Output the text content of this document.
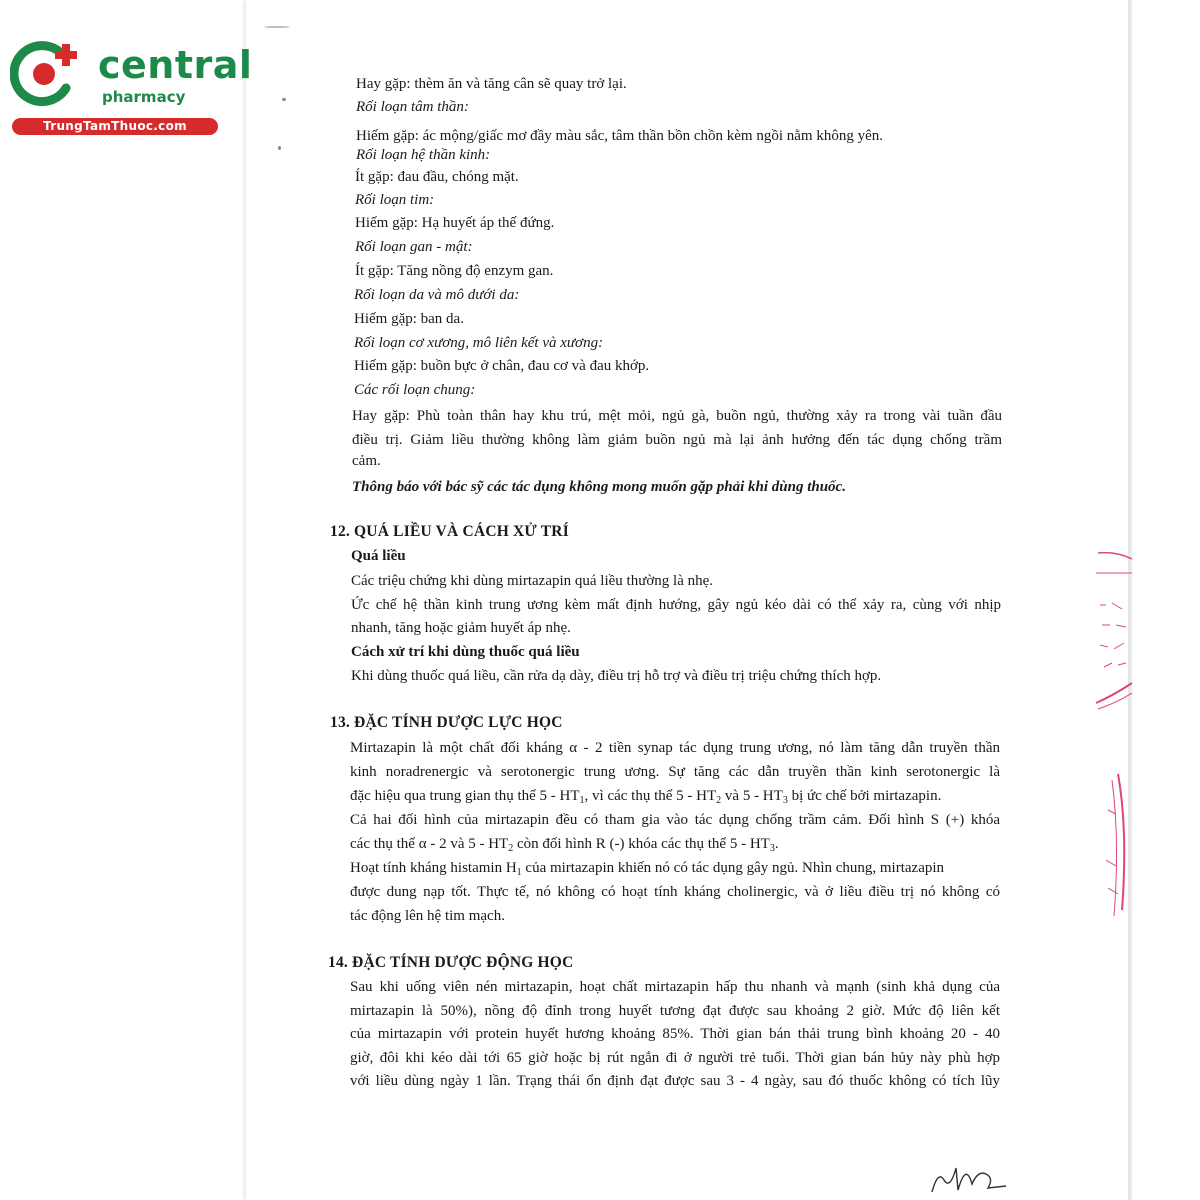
central
pharmacy
TrungTamThuoc.com
Hay gặp: thèm ăn và tăng cân sẽ quay trở lại.
Rối loạn tâm thần:
Hiếm gặp: ác mộng/giấc mơ đầy màu sắc, tâm thần bồn chồn kèm ngồi nằm không yên.
Rối loạn hệ thần kinh:
Ít gặp: đau đầu, chóng mặt.
Rối loạn tim:
Hiếm gặp: Hạ huyết áp thế đứng.
Rối loạn gan - mật:
Ít gặp: Tăng nồng độ enzym gan.
Rối loạn da và mô dưới da:
Hiếm gặp: ban da.
Rối loạn cơ xương, mô liên kết và xương:
Hiếm gặp: buồn bực ở chân, đau cơ và đau khớp.
Các rối loạn chung:
Hay gặp: Phù toàn thân hay khu trú, mệt mỏi, ngủ gà, buồn ngủ, thường xảy ra trong vài tuần đầu
điều trị. Giảm liều thường không làm giảm buồn ngủ mà lại ảnh hưởng đến tác dụng chống trầm
cảm.
Thông báo với bác sỹ các tác dụng không mong muốn gặp phải khi dùng thuốc.
12. QUÁ LIỀU VÀ CÁCH XỬ TRÍ
Quá liều
Các triệu chứng khi dùng mirtazapin quá liều thường là nhẹ.
Ức chế hệ thần kinh trung ương kèm mất định hướng, gây ngủ kéo dài có thể xảy ra, cùng với nhịp
nhanh, tăng hoặc giảm huyết áp nhẹ.
Cách xử trí khi dùng thuốc quá liều
Khi dùng thuốc quá liều, cần rửa dạ dày, điều trị hỗ trợ và điều trị triệu chứng thích hợp.
13. ĐẶC TÍNH DƯỢC LỰC HỌC
Mirtazapin là một chất đối kháng α - 2 tiền synap tác dụng trung ương, nó làm tăng dẫn truyền thần
kinh noradrenergic và serotonergic trung ương. Sự tăng các dẫn truyền thần kinh serotonergic là
đặc hiệu qua trung gian thụ thể $5 - HT_1$, vì các thụ thể $5 - HT_2$ và $5 - HT_3$ bị ức chế bởi mirtazapin.
Cả hai đối hình của mirtazapin đều có tham gia vào tác dụng chống trầm cảm. Đối hình S (+) khóa
các thụ thể α - 2 và $5 - HT_2$ còn đối hình R (-) khóa các thụ thể $5 - HT_3$.
Hoạt tính kháng histamin $H_1$ của mirtazapin khiến nó có tác dụng gây ngủ. Nhìn chung, mirtazapin
được dung nạp tốt. Thực tế, nó không có hoạt tính kháng cholinergic, và ở liều điều trị nó không có
tác động lên hệ tim mạch.
14. ĐẶC TÍNH DƯỢC ĐỘNG HỌC
Sau khi uống viên nén mirtazapin, hoạt chất mirtazapin hấp thu nhanh và mạnh (sinh khả dụng của
mirtazapin là 50%), nồng độ đỉnh trong huyết tương đạt được sau khoảng 2 giờ. Mức độ liên kết
của mirtazapin với protein huyết hương khoảng 85%. Thời gian bán thải trung bình khoảng 20 - 40
giờ, đôi khi kéo dài tới 65 giờ hoặc bị rút ngắn đi ở người trẻ tuổi. Thời gian bán hủy này phù hợp
với liều dùng ngày 1 lần. Trạng thái ổn định đạt được sau 3 - 4 ngày, sau đó thuốc không có tích lũy
